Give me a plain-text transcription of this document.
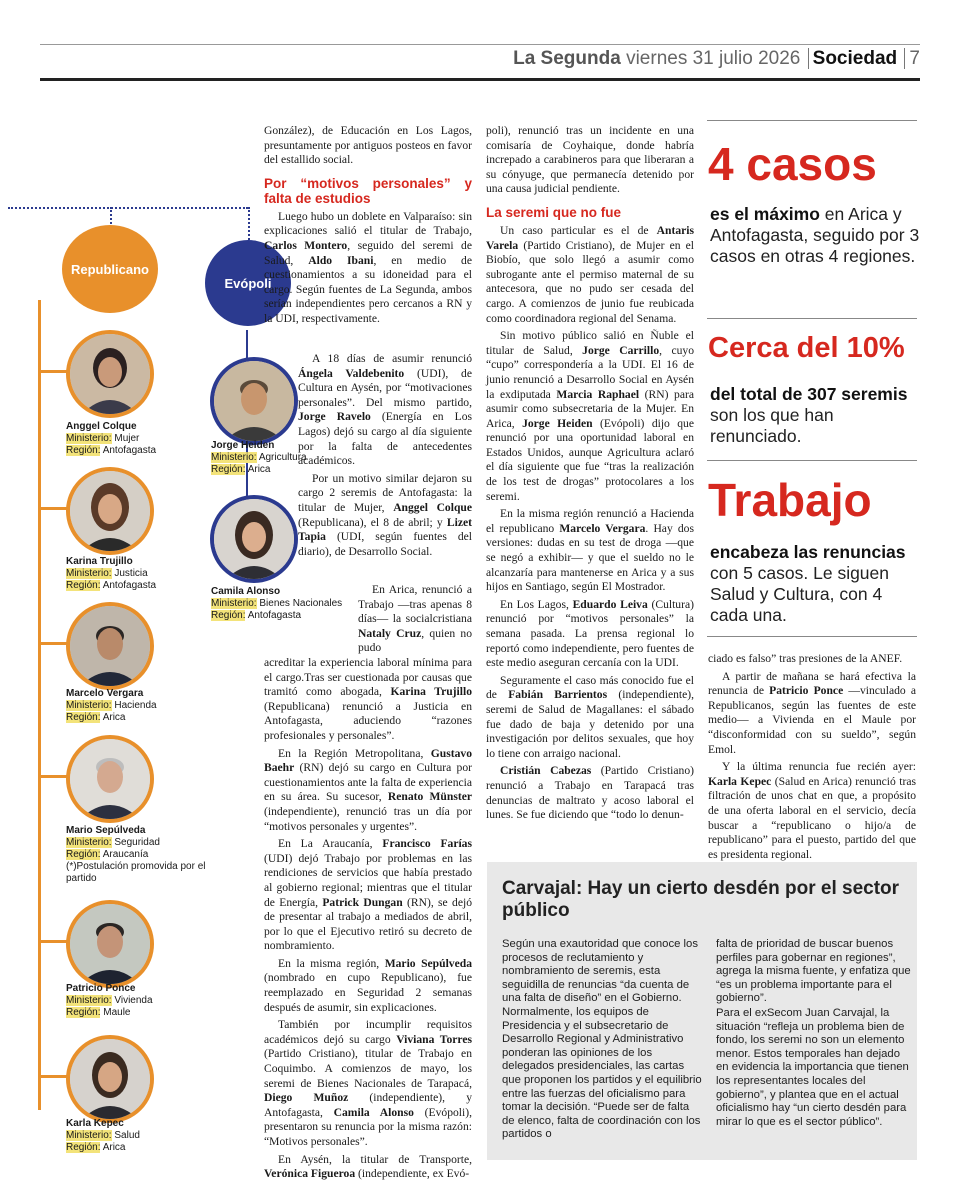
La Segunda viernes 31 julio 2026 Sociedad 7
Republicano
Evópoli
Anggel Colque
Ministerio: Mujer
Región: Antofagasta
Karina Trujillo
Ministerio: Justicia
Región: Antofagasta
Marcelo Vergara
Ministerio: Hacienda
Región: Arica
Mario Sepúlveda
Ministerio: Seguridad
Región: Araucanía
(*)Postulación promovida por el partido
Patricio Ponce
Ministerio: Vivienda
Región: Maule
Karla Kepec
Ministerio: Salud
Región: Arica
Jorge Heiden
Ministerio: Agricultura
Región: Arica
Camila Alonso
Ministerio: Bienes Nacionales
Región: Antofagasta

González), de Educación en Los Lagos, presuntamente por antiguos posteos en favor del estallido social.

Por “motivos personales” y falta de estudios

Luego hubo un doblete en Valparaíso: sin explicaciones salió el titular de Trabajo, Carlos Montero, seguido del seremi de Salud, Aldo Ibani, en medio de cuestionamientos a su idoneidad para el cargo. Según fuentes de La Segunda, ambos serían independientes pero cercanos a RN y la UDI, respectivamente.

A 18 días de asumir renunció Ángela Valdebenito (UDI), de Cultura en Aysén, por “motivaciones personales”. Del mismo partido, Jorge Ravelo (Energía en Los Lagos) dejó su cargo al día siguiente por la falta de antecedentes académicos.

Por un motivo similar dejaron su cargo 2 seremis de Antofagasta: la titular de Mujer, Anggel Colque (Republicana), el 8 de abril; y Lizet Tapia (UDI, según fuentes del diario), de Desarrollo Social.

En Arica, renunció a Trabajo —tras apenas 8 días— la socialcristiana Nataly Cruz, quien no pudo

acreditar la experiencia laboral mínima para el cargo.Tras ser cuestionada por causas que tramitó como abogada, Karina Trujillo (Republicana) renunció a Justicia en Antofagasta, aduciendo “razones profesionales y personales”.

En la Región Metropolitana, Gustavo Baehr (RN) dejó su cargo en Cultura por cuestionamientos ante la falta de experiencia en su área. Su sucesor, Renato Münster (independiente), renunció tras un día por “motivos personales y urgentes”.

En La Araucanía, Francisco Farías (UDI) dejó Trabajo por problemas en las rendiciones de servicios que había prestado al gobierno regional; mientras que el titular de Energía, Patrick Dungan (RN), se dejó de presentar al trabajo a mediados de abril, por lo que el Ejecutivo retiró su decreto de nombramiento.

En la misma región, Mario Sepúlveda (nombrado en cupo Republicano), fue reemplazado en Seguridad 2 semanas después de asumir, sin explicaciones.

También por incumplir requisitos académicos dejó su cargo Viviana Torres (Partido Cristiano), titular de Trabajo en Coquimbo. A comienzos de mayo, los seremi de Bienes Nacionales de Tarapacá, Diego Muñoz (independiente), y Antofagasta, Camila Alonso (Evópoli), presentaron su renuncia por la misma razón: “Motivos personales”.

En Aysén, la titular de Transporte, Verónica Figueroa (independiente, ex Evó-

poli), renunció tras un incidente en una comisaría de Coyhaique, donde habría increpado a carabineros para que liberaran a su cónyuge, que permanecía detenido por una causa judicial pendiente.

La seremi que no fue

Un caso particular es el de Antaris Varela (Partido Cristiano), de Mujer en el Biobío, que solo llegó a asumir como subrogante ante el permiso maternal de su antecesora, que no pudo ser cesada del cargo. A comienzos de junio fue reubicada como coordinadora regional del Senama.

Sin motivo público salió en Ñuble el titular de Salud, Jorge Carrillo, cuyo “cupo” correspondería a la UDI. El 16 de junio renunció a Desarrollo Social en Aysén la exdiputada Marcia Raphael (RN) para asumir como subsecretaria de la Mujer. En Arica, Jorge Heiden (Evópoli) dijo que renunció por una oportunidad laboral en Estados Unidos, aunque Agricultura aclaró el día siguiente que fue “tras la realización de los test de drogas” protocolares a los seremi.

En la misma región renunció a Hacienda el republicano Marcelo Vergara. Hay dos versiones: dudas en su test de droga —que se negó a exhibir— y que el sueldo no le alcanzaría para mantenerse en Arica y a sus hijos en Santiago, según El Mostrador.

En Los Lagos, Eduardo Leiva (Cultura) renunció por “motivos personales” la semana pasada. La prensa regional lo reportó como independiente, pero fuentes de este medio aseguran cercanía con la UDI.

Seguramente el caso más conocido fue el de Fabián Barrientos (independiente), seremi de Salud de Magallanes: el sábado fue dado de baja y detenido por una investigación por delitos sexuales, que hoy lo tiene con arraigo nacional.

Cristián Cabezas (Partido Cristiano) renunció a Trabajo en Tarapacá tras denuncias de maltrato y acoso laboral el lunes. Se fue diciendo que “todo lo denun-

ciado es falso” tras presiones de la ANEF.

A partir de mañana se hará efectiva la renuncia de Patricio Ponce —vinculado a Republicanos, según las fuentes de este medio— a Vivienda en el Maule por “disconformidad con su sueldo”, según Emol.

Y la última renuncia fue recién ayer: Karla Kepec (Salud en Arica) renunció tras filtración de unos chat en que, a propósito de una oferta laboral en el servicio, decía buscar a “republicano o hijo/a de republicano” para el puesto, partido del que es presidenta regional.

4 casos
es el máximo en Arica y Antofagasta, seguido por 3 casos en otras 4 regiones.
Cerca del 10%
del total de 307 seremis son los que han renunciado.
Trabajo
encabeza las renuncias con 5 casos. Le siguen Salud y Cultura, con 4 cada una.
Carvajal: Hay un cierto desdén por el sector público

Según una exautoridad que conoce los procesos de reclutamiento y nombramiento de seremis, esta seguidilla de renuncias “da cuenta de una falta de diseño” en el Gobierno. Normalmente, los equipos de Presidencia y el subsecretario de Desarrollo Regional y Administrativo ponderan las opiniones de los delegados presidenciales, las cartas que proponen los partidos y el equilibrio entre las fuerzas del oficialismo para tomar la decisión. “Puede ser de falta de elenco, falta de coordinación con los partidos o

falta de prioridad de buscar buenos perfiles para gobernar en regiones”, agrega la misma fuente, y enfatiza que “es un problema importante para el gobierno”.

Para el exSecom Juan Carvajal, la situación “refleja un problema bien de fondo, los seremi no son un elemento menor. Estos temporales han dejado en evidencia la importancia que tienen los representantes locales del gobierno”, y plantea que en el actual oficialismo hay “un cierto desdén para mirar lo que es el sector público”.
